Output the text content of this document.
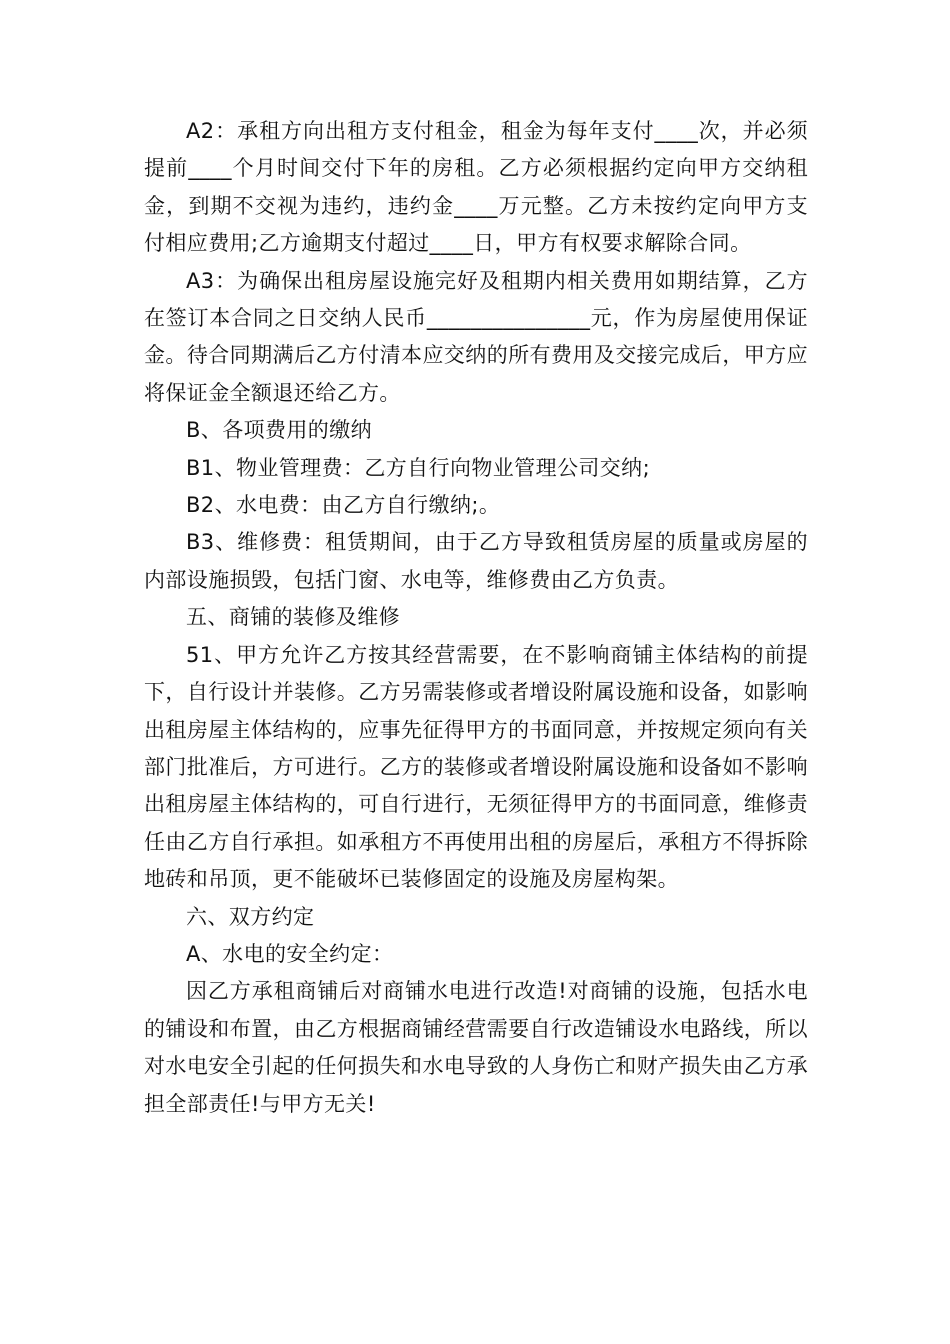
A2：承租方向出租方支付租金，租金为每年支付____次，并必须提前____个月时间交付下年的房租。乙方必须根据约定向甲方交纳租金，到期不交视为违约，违约金____万元整。乙方未按约定向甲方支付相应费用;乙方逾期支付超过____日，甲方有权要求解除合同。

A3：为确保出租房屋设施完好及租期内相关费用如期结算，乙方在签订本合同之日交纳人民币_______________元，作为房屋使用保证金。待合同期满后乙方付清本应交纳的所有费用及交接完成后，甲方应将保证金全额退还给乙方。

B、各项费用的缴纳

B1、物业管理费：乙方自行向物业管理公司交纳;

B2、水电费：由乙方自行缴纳;。

B3、维修费：租赁期间，由于乙方导致租赁房屋的质量或房屋的内部设施损毁，包括门窗、水电等，维修费由乙方负责。

五、商铺的装修及维修

51、甲方允许乙方按其经营需要，在不影响商铺主体结构的前提下，自行设计并装修。乙方另需装修或者增设附属设施和设备，如影响出租房屋主体结构的，应事先征得甲方的书面同意，并按规定须向有关部门批准后，方可进行。乙方的装修或者增设附属设施和设备如不影响出租房屋主体结构的，可自行进行，无须征得甲方的书面同意，维修责任由乙方自行承担。如承租方不再使用出租的房屋后，承租方不得拆除地砖和吊顶，更不能破坏已装修固定的设施及房屋构架。

六、双方约定

A、水电的安全约定：

因乙方承租商铺后对商铺水电进行改造!对商铺的设施，包括水电的铺设和布置，由乙方根据商铺经营需要自行改造铺设水电路线，所以对水电安全引起的任何损失和水电导致的人身伤亡和财产损失由乙方承担全部责任!与甲方无关!
